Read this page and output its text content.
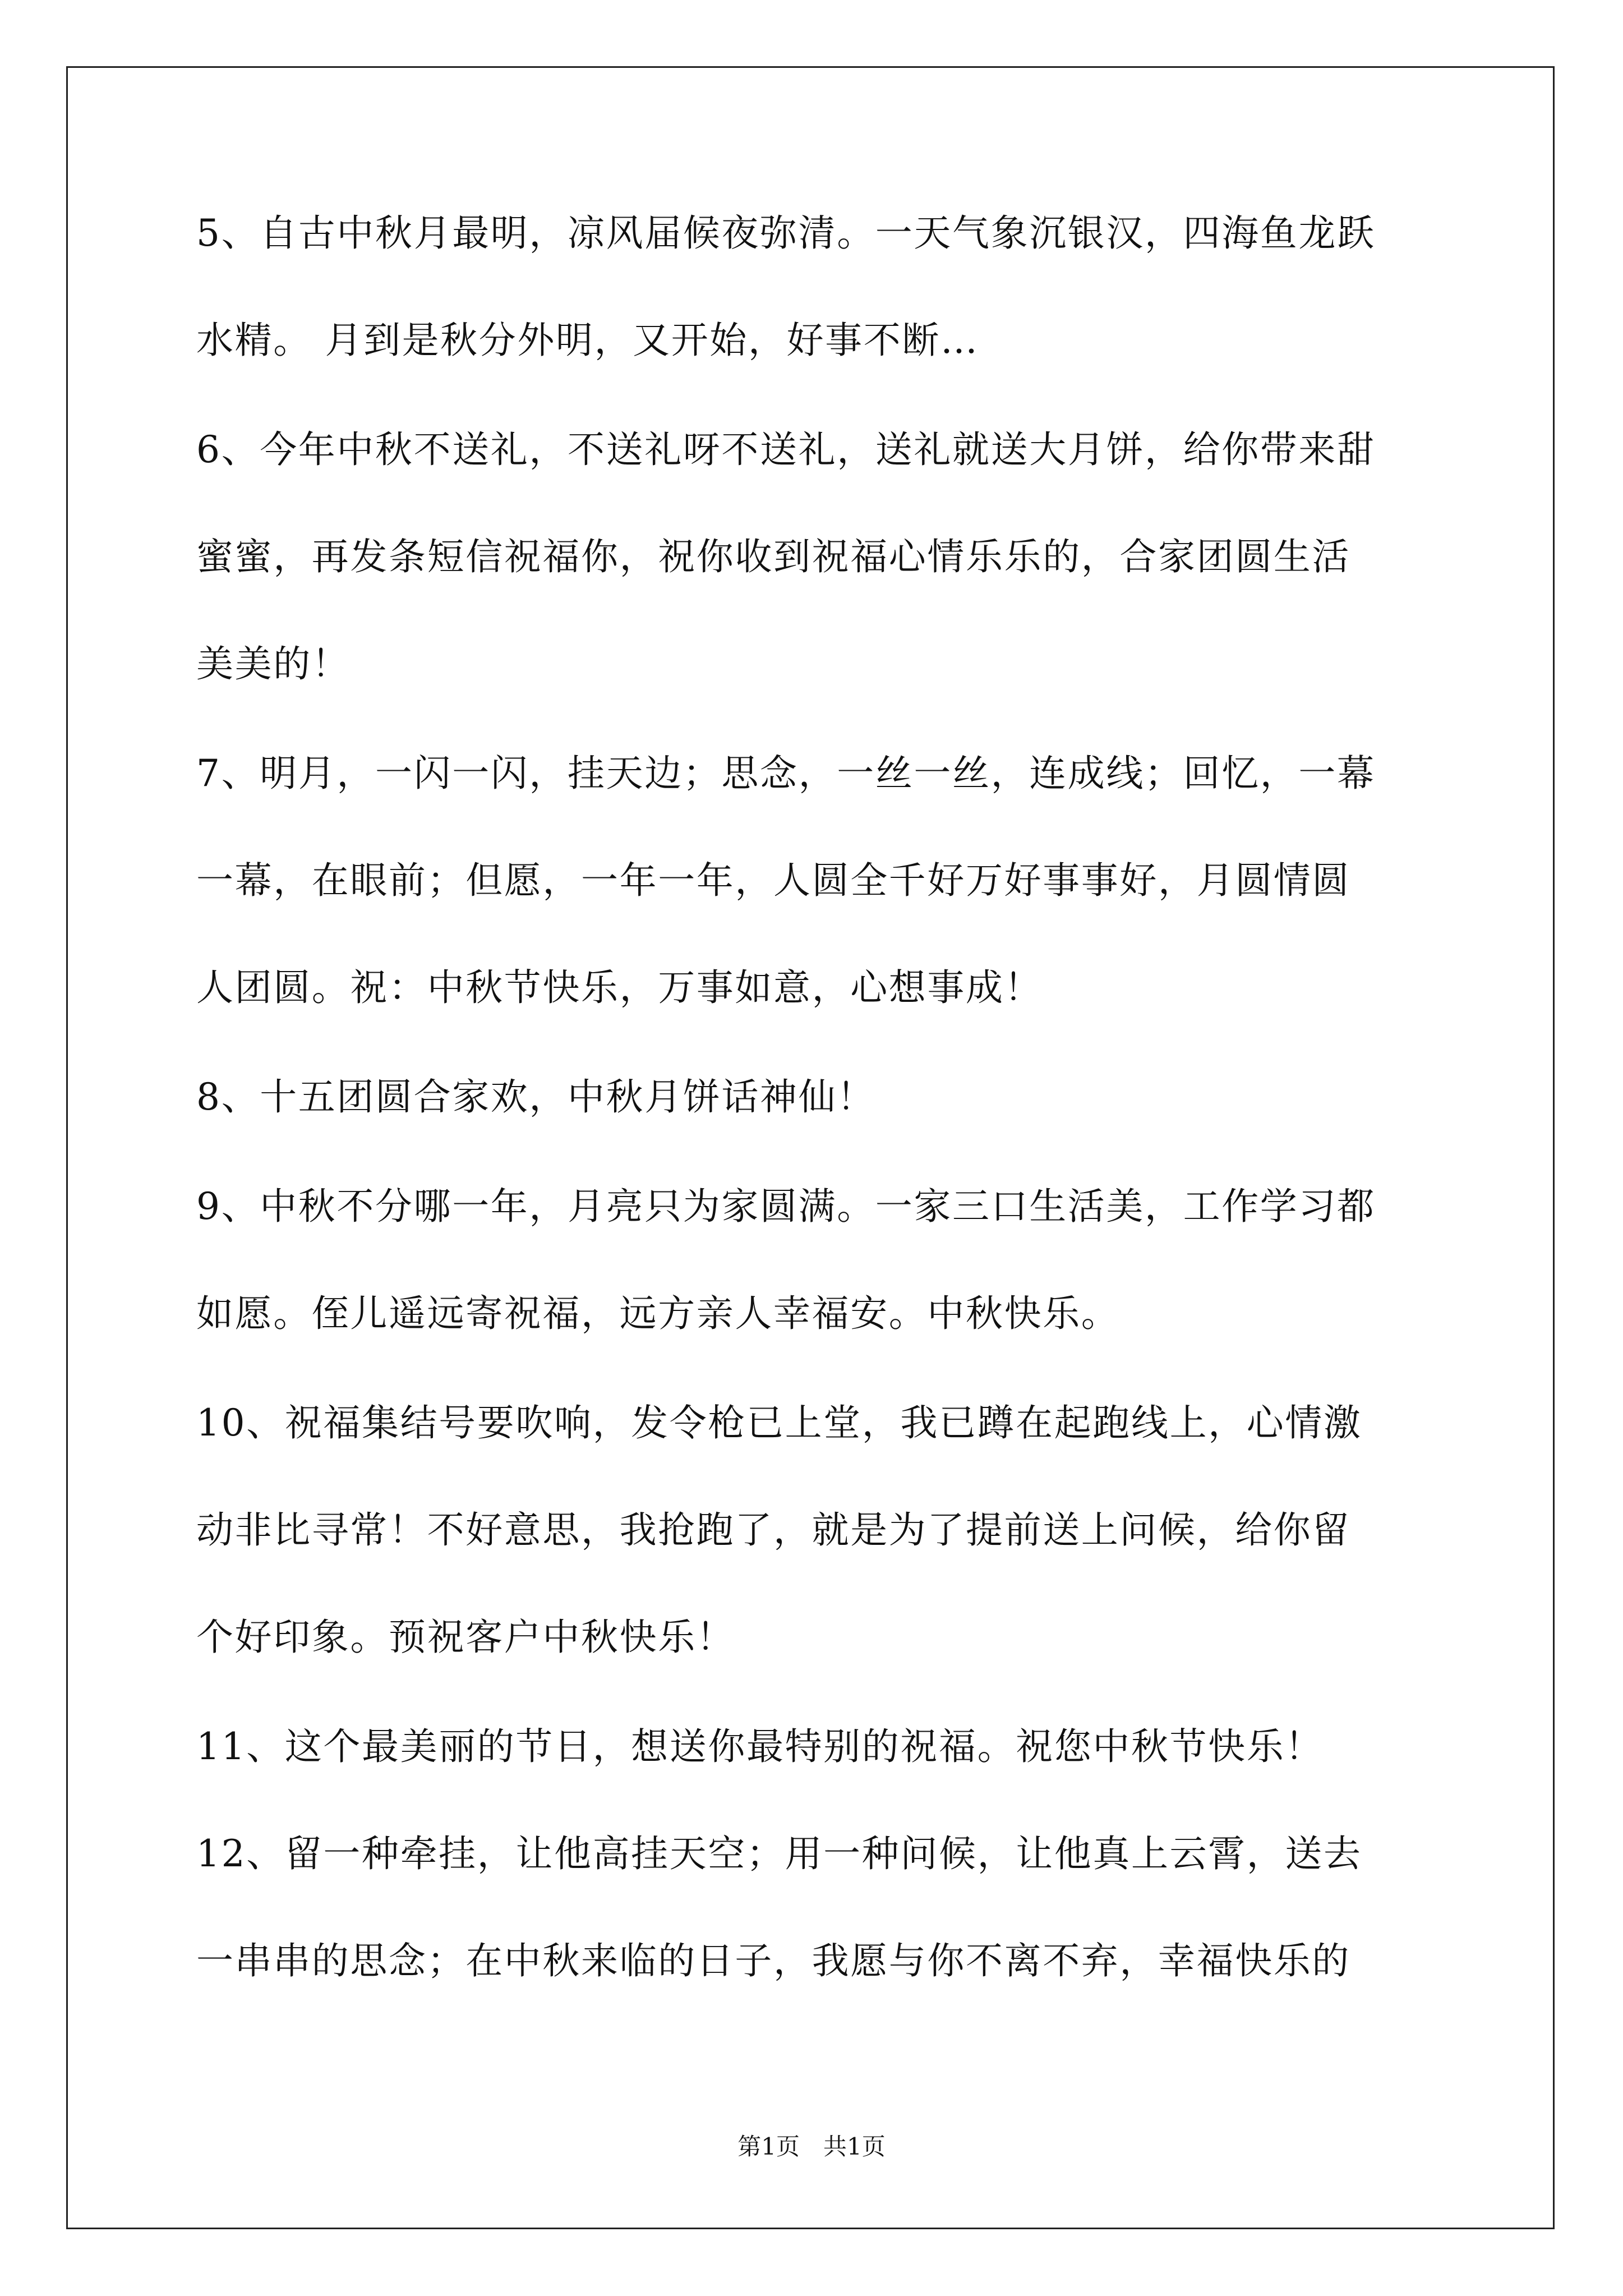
5、自古中秋月最明，凉风届候夜弥清。一天气象沉银汉，四海鱼龙跃
水精。 月到是秋分外明，又开始，好事不断…
6、今年中秋不送礼，不送礼呀不送礼，送礼就送大月饼，给你带来甜
蜜蜜，再发条短信祝福你，祝你收到祝福心情乐乐的，合家团圆生活
美美的！
7、明月，一闪一闪，挂天边；思念，一丝一丝，连成线；回忆，一幕
一幕，在眼前；但愿，一年一年，人圆全千好万好事事好，月圆情圆
人团圆。祝：中秋节快乐，万事如意，心想事成！
8、十五团圆合家欢，中秋月饼话神仙！
9、中秋不分哪一年，月亮只为家圆满。一家三口生活美，工作学习都
如愿。侄儿遥远寄祝福，远方亲人幸福安。中秋快乐。
10、祝福集结号要吹响，发令枪已上堂，我已蹲在起跑线上，心情激
动非比寻常！不好意思，我抢跑了，就是为了提前送上问候，给你留
个好印象。预祝客户中秋快乐！
11、这个最美丽的节日，想送你最特别的祝福。祝您中秋节快乐！
12、留一种牵挂，让他高挂天空；用一种问候，让他真上云霄，送去
一串串的思念；在中秋来临的日子，我愿与你不离不弃，幸福快乐的
第1页　共1页
